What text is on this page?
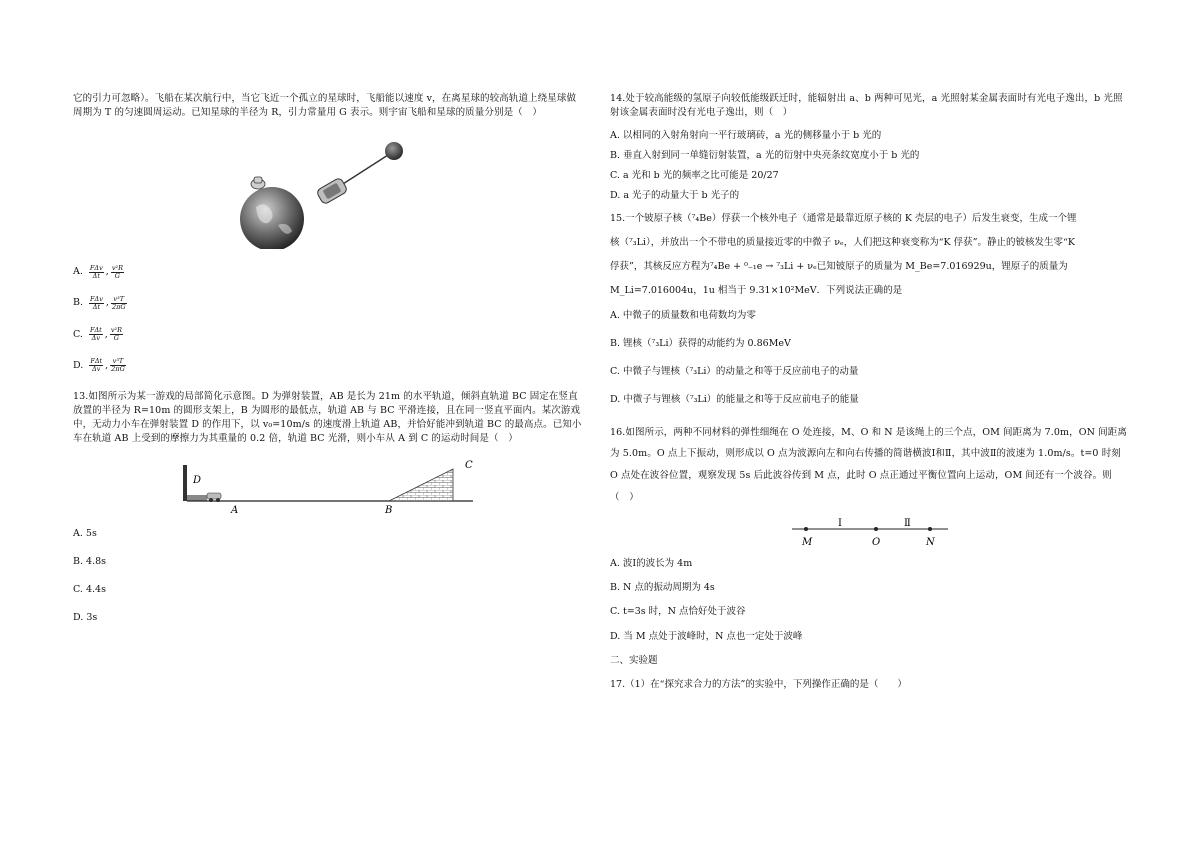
它的引力可忽略）。飞船在某次航行中，当它飞近一个孤立的星球时，飞船能以速度 v，在离星球的较高轨道上绕星球做周期为 T 的匀速圆周运动。已知星球的半径为 R，引力常量用 G 表示。则宇宙飞船和星球的质量分别是（　）

A. $\frac{\text{FΔv}}{\Delta t}$ , $\frac{\text{v²R}}{G}$
B. $\frac{\text{FΔv}}{\Delta t}$ , $\frac{\text{v³T}}{2\pi G}$
C. $\frac{\text{FΔt}}{\Delta v}$ , $\frac{\text{v²R}}{G}$
D. $\frac{\text{FΔt}}{\Delta v}$ , $\frac{\text{v³T}}{2\pi G}$

13.如图所示为某一游戏的局部简化示意图。D 为弹射装置，AB 是长为 21m 的水平轨道，倾斜直轨道 BC 固定在竖直放置的半径为 R=10m 的圆形支架上，B 为圆形的最低点，轨道 AB 与 BC 平滑连接，且在同一竖直平面内。某次游戏中，无动力小车在弹射装置 D 的作用下，以 v₀=10m/s 的速度滑上轨道 AB，并恰好能冲到轨道 BC 的最高点。已知小车在轨道 AB 上受到的摩擦力为其重量的 0.2 倍，轨道 BC 光滑，则小车从 A 到 C 的运动时间是（　）

D
A	B
C

A. 5s

B. 4.8s

C. 4.4s

D. 3s

14.处于较高能级的氢原子向较低能级跃迁时，能辐射出 a、b 两种可见光，a 光照射某金属表面时有光电子逸出，b 光照射该金属表面时没有光电子逸出，则（　）

A. 以相同的入射角射向一平行玻璃砖，a 光的侧移量小于 b 光的

B. 垂直入射到同一单缝衍射装置，a 光的衍射中央亮条纹宽度小于 b 光的

C. a 光和 b 光的频率之比可能是 20/27

D. a 光子的动量大于 b 光子的

15.一个铍原子核（⁷₄Be）俘获一个核外电子（通常是最靠近原子核的 K 壳层的电子）后发生衰变，生成一个锂

核（⁷₃Li），并放出一个不带电的质量接近零的中微子 νₑ，人们把这种衰变称为“K 俘获”。静止的铍核发生零“K

俘获”，其核反应方程为⁷₄Be + ⁰₋₁e → ⁷₃Li + νₑ已知铍原子的质量为 M_Be=7.016929u，锂原子的质量为

M_Li=7.016004u，1u 相当于 9.31×10²MeV．下列说法正确的是

A. 中微子的质量数和电荷数均为零

B. 锂核（⁷₃Li）获得的动能约为 0.86MeV

C. 中微子与锂核（⁷₃Li）的动量之和等于反应前电子的动量

D. 中微子与锂核（⁷₃Li）的能量之和等于反应前电子的能量

16.如图所示，两种不同材料的弹性细绳在 O 处连接，M、O 和 N 是该绳上的三个点，OM 间距离为 7.0m，ON 间距离为 5.0m。O 点上下振动，则形成以 O 点为波源向左和向右传播的简谐横波Ⅰ和Ⅱ，其中波Ⅱ的波速为 1.0m/s。t=0 时刻 O 点处在波谷位置，观察发现 5s 后此波谷传到 M 点，此时 O 点正通过平衡位置向上运动，OM 间还有一个波谷。则（　）

Ⅰ	Ⅱ
M	O	N

A. 波Ⅰ的波长为 4m

B. N 点的振动周期为 4s

C. t=3s 时，N 点恰好处于波谷

D. 当 M 点处于波峰时，N 点也一定处于波峰

二、实验题

17.（1）在“探究求合力的方法”的实验中，下列操作正确的是（　　）
